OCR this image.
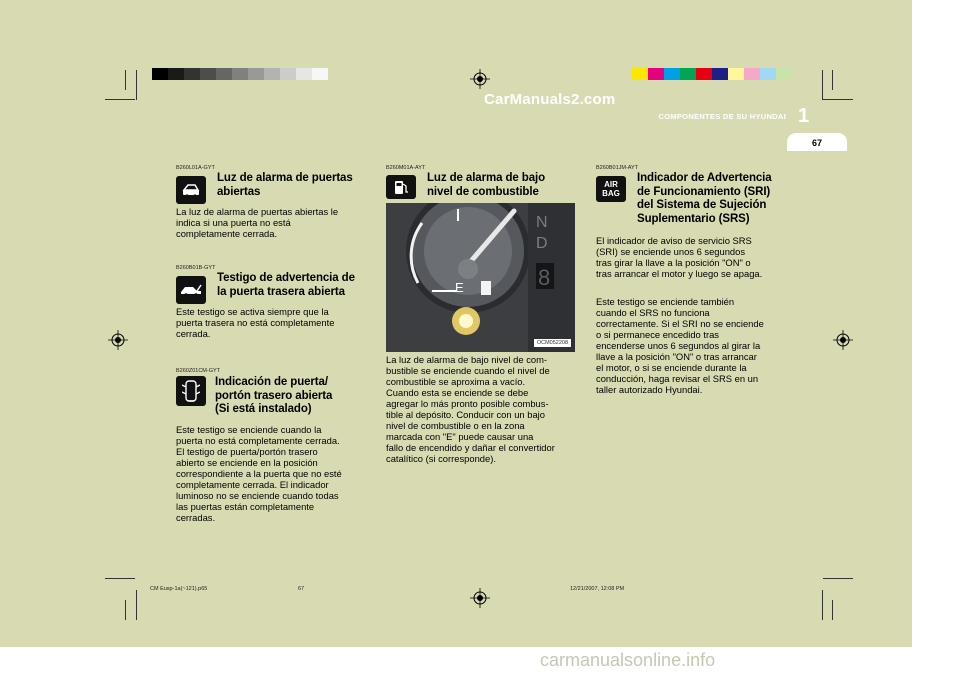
CarManuals2.com
COMPONENTES DE SU HYUNDAI 1
67
B260L01A-GYT
Luz de alarma de puertas
abiertas
La luz de alarma de puertas abiertas le
indica si una puerta no está
completamente cerrada.
B260B01B-GYT
Testigo de advertencia de
la puerta trasera abierta
Este testigo se activa siempre que la
puerta trasera no está completamente
cerrada.
B260Z01CM-GYT
Indicación de puerta/
portón trasero abierta
(Si está instalado)
Este testigo se enciende cuando la
puerta no está completamente cerrada.
El testigo de puerta/portón trasero
abierto se enciende en la posición
correspondiente a la puerta que no esté
completamente cerrada. El indicador
luminoso no se enciende cuando todas
las puertas están completamente
cerradas.
B260M01A-AYT
Luz de alarma de bajo
nivel de combustible
E
N
D
8
OCM052208
La luz de alarma de bajo nivel de com-
bustible se enciende cuando el nivel de
combustible se aproxima a vacío.
Cuando esta se enciende se debe
agregar lo más pronto posible combus-
tible al depósito. Conducir con un bajo
nivel de combustible o en la zona
marcada con "E" puede causar una
fallo de encendido y dañar el convertidor
catalítico (si corresponde).
B260B01JM-AYT
AIR
BAG
Indicador de Advertencia
de Funcionamiento (SRI)
del Sistema de Sujeción
Suplementario (SRS)
El indicador de aviso de servicio SRS
(SRI) se enciende unos 6 segundos
tras girar la llave a la posición "ON" o
tras arrancar el motor y luego se apaga.
Este testigo se enciende también
cuando el SRS no funciona
correctamente. Si el SRI no se enciende
o si permanece encedido tras
encenderse unos 6 segundos al girar la
llave a la posición "ON" o tras arrancar
el motor, o si se enciende durante la
conducción, haga revisar el SRS en un
taller autorizado Hyundai.
CM Eusp-1a(~121).p65	67	12/21/2007, 12:08 PM
carmanualsonline.info
